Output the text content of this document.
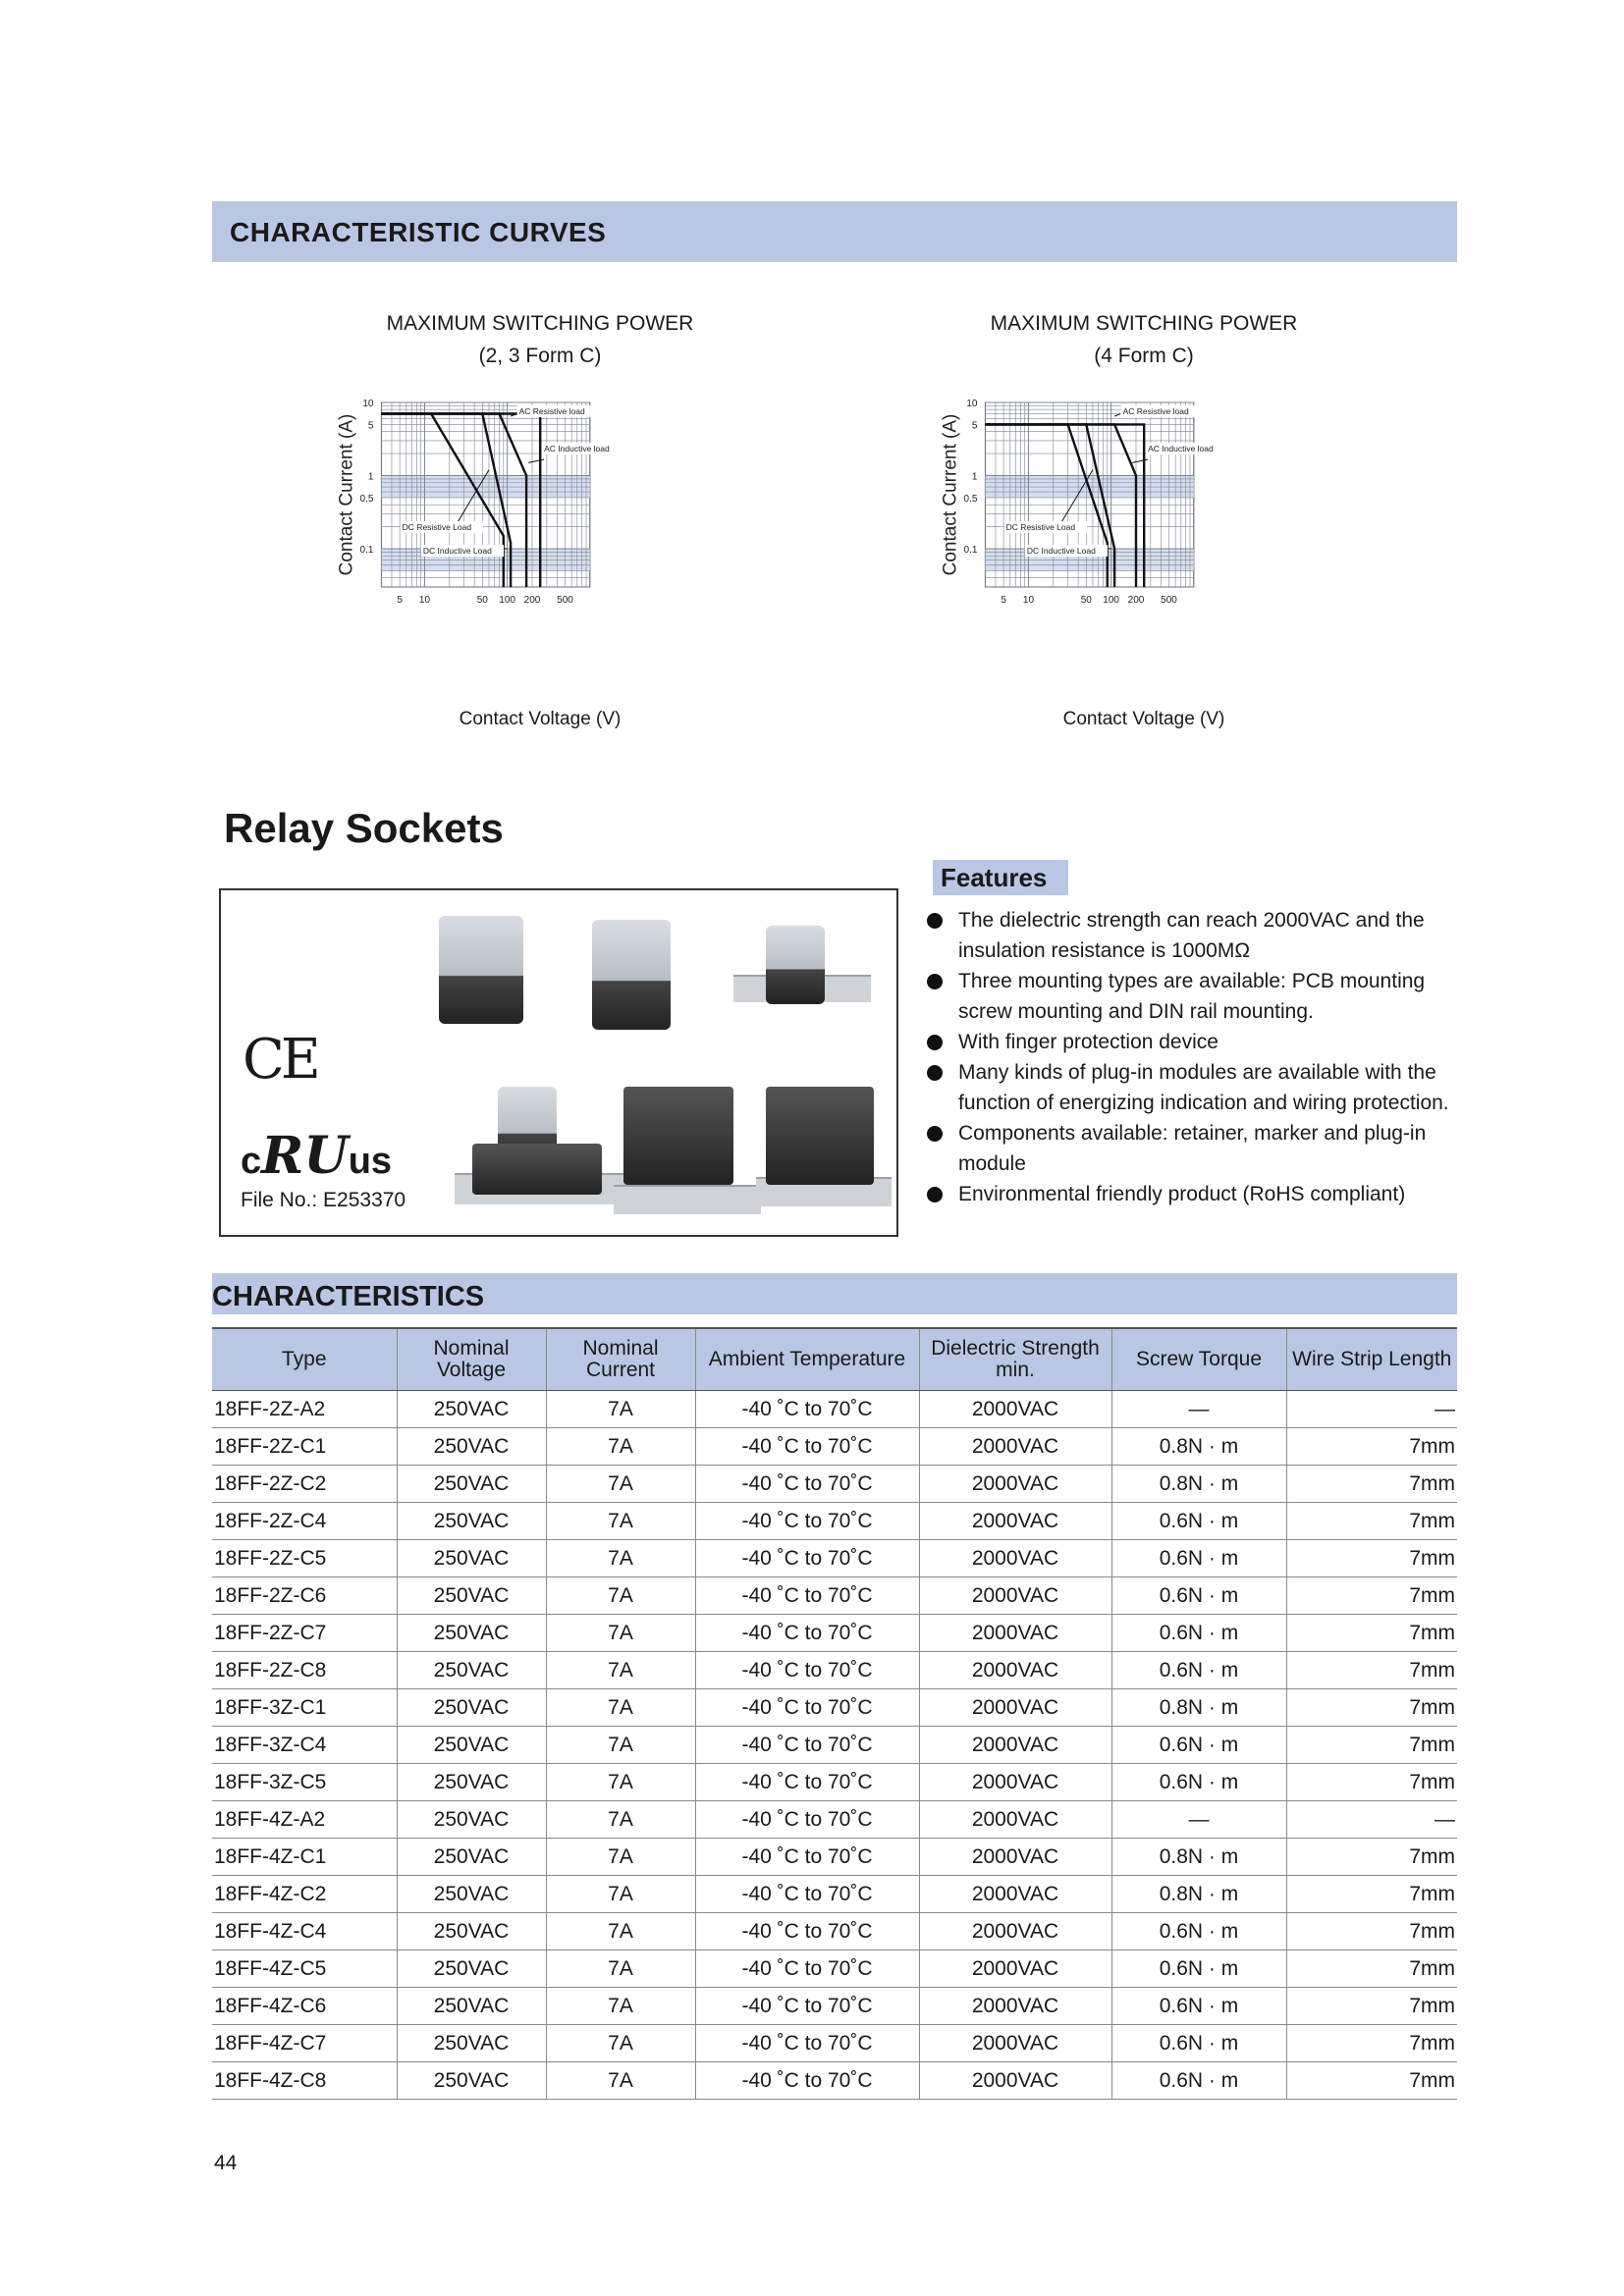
CHARACTERISTIC CURVES
MAXIMUM SWITCHING POWER
(2, 3 Form C)
10
5
1
0.5
0.1
5 10	50 100 200 500
Contact Current (A)
AC Resistive load
AC Inductive load
DC Resistive Load
DC Inductive Load
Contact Voltage (V)
MAXIMUM SWITCHING POWER
(4 Form C)
10
5
1
0.5
0.1
5 10	50 100 200 500
Contact Current (A)
AC Resistive load
AC Inductive load
DC Resistive Load
DC Inductive Load
Contact Voltage (V)
Relay Sockets
CE
cRUus
File No.: E253370
Features
The dielectric strength can reach 2000VAC and the insulation resistance is 1000MΩ
Three mounting types are available: PCB mounting screw mounting and DIN rail mounting.
With finger protection device
Many kinds of plug-in modules are available with the function of energizing indication and wiring protection.
Components available: retainer, marker and plug-in module
Environmental friendly product (RoHS compliant)
CHARACTERISTICS
Type	Nominal Voltage	Nominal Current	Ambient Temperature	Dielectric Strength min.	Screw Torque	Wire Strip Length
18FF-2Z-A2	250VAC	7A	-40 ˚C to 70˚C	2000VAC	—	—
18FF-2Z-C1	250VAC	7A	-40 ˚C to 70˚C	2000VAC	0.8N · m	7mm
18FF-2Z-C2	250VAC	7A	-40 ˚C to 70˚C	2000VAC	0.8N · m	7mm
18FF-2Z-C4	250VAC	7A	-40 ˚C to 70˚C	2000VAC	0.6N · m	7mm
18FF-2Z-C5	250VAC	7A	-40 ˚C to 70˚C	2000VAC	0.6N · m	7mm
18FF-2Z-C6	250VAC	7A	-40 ˚C to 70˚C	2000VAC	0.6N · m	7mm
18FF-2Z-C7	250VAC	7A	-40 ˚C to 70˚C	2000VAC	0.6N · m	7mm
18FF-2Z-C8	250VAC	7A	-40 ˚C to 70˚C	2000VAC	0.6N · m	7mm
18FF-3Z-C1	250VAC	7A	-40 ˚C to 70˚C	2000VAC	0.8N · m	7mm
18FF-3Z-C4	250VAC	7A	-40 ˚C to 70˚C	2000VAC	0.6N · m	7mm
18FF-3Z-C5	250VAC	7A	-40 ˚C to 70˚C	2000VAC	0.6N · m	7mm
18FF-4Z-A2	250VAC	7A	-40 ˚C to 70˚C	2000VAC	—	—
18FF-4Z-C1	250VAC	7A	-40 ˚C to 70˚C	2000VAC	0.8N · m	7mm
18FF-4Z-C2	250VAC	7A	-40 ˚C to 70˚C	2000VAC	0.8N · m	7mm
18FF-4Z-C4	250VAC	7A	-40 ˚C to 70˚C	2000VAC	0.6N · m	7mm
18FF-4Z-C5	250VAC	7A	-40 ˚C to 70˚C	2000VAC	0.6N · m	7mm
18FF-4Z-C6	250VAC	7A	-40 ˚C to 70˚C	2000VAC	0.6N · m	7mm
18FF-4Z-C7	250VAC	7A	-40 ˚C to 70˚C	2000VAC	0.6N · m	7mm
18FF-4Z-C8	250VAC	7A	-40 ˚C to 70˚C	2000VAC	0.6N · m	7mm
44
